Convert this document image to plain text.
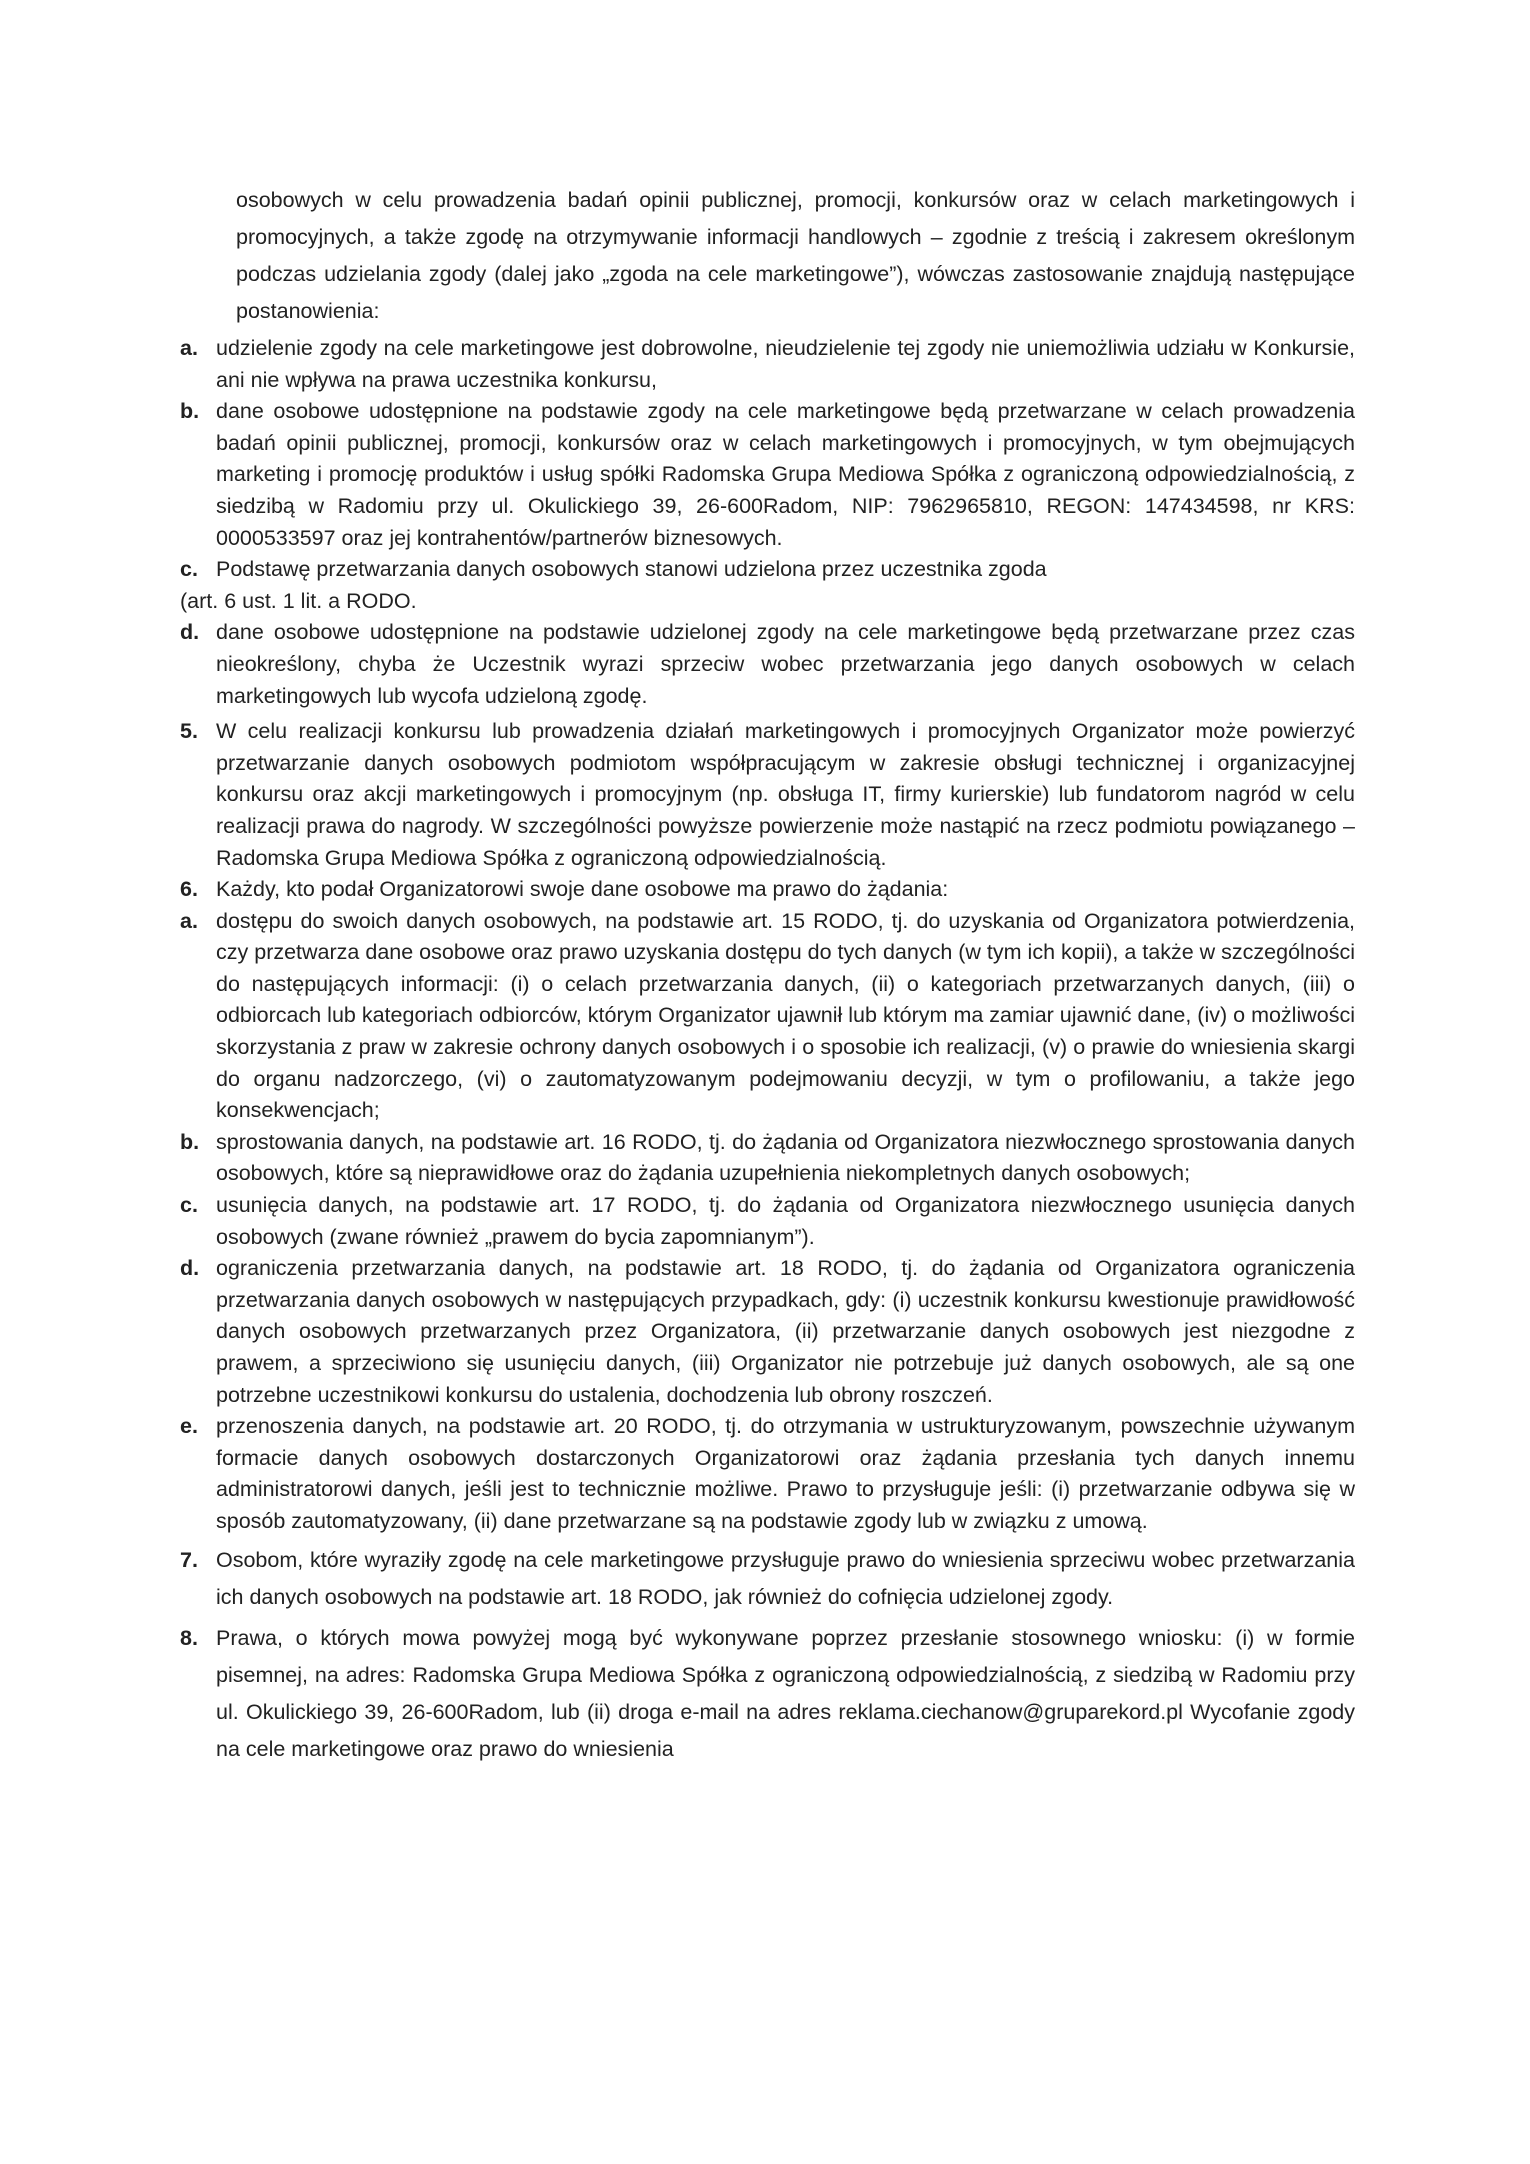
osobowych w celu prowadzenia badań opinii publicznej, promocji, konkursów oraz w celach marketingowych i promocyjnych, a także zgodę na otrzymywanie informacji handlowych – zgodnie z treścią i zakresem określonym podczas udzielania zgody (dalej jako „zgoda na cele marketingowe”), wówczas zastosowanie znajdują następujące postanowienia:

a. udzielenie zgody na cele marketingowe jest dobrowolne, nieudzielenie tej zgody nie uniemożliwia udziału w Konkursie, ani nie wpływa na prawa uczestnika konkursu,
b. dane osobowe udostępnione na podstawie zgody na cele marketingowe będą przetwarzane w celach prowadzenia badań opinii publicznej, promocji, konkursów oraz w celach marketingowych i promocyjnych, w tym obejmujących marketing i promocję produktów i usług spółki Radomska Grupa Mediowa Spółka z ograniczoną odpowiedzialnością, z siedzibą w Radomiu przy ul. Okulickiego 39, 26-600Radom, NIP: 7962965810, REGON: 147434598, nr KRS: 0000533597 oraz jej kontrahentów/partnerów biznesowych.
c. Podstawę przetwarzania danych osobowych stanowi udzielona przez uczestnika zgoda

(art. 6 ust. 1 lit. a RODO.

d. dane osobowe udostępnione na podstawie udzielonej zgody na cele marketingowe będą przetwarzane przez czas nieokreślony, chyba że Uczestnik wyrazi sprzeciw wobec przetwarzania jego danych osobowych w celach marketingowych lub wycofa udzieloną zgodę.
5. W celu realizacji konkursu lub prowadzenia działań marketingowych i promocyjnych Organizator może powierzyć przetwarzanie danych osobowych podmiotom współpracującym w zakresie obsługi technicznej i organizacyjnej konkursu oraz akcji marketingowych i promocyjnym (np. obsługa IT, firmy kurierskie) lub fundatorom nagród w celu realizacji prawa do nagrody. W szczególności powyższe powierzenie może nastąpić na rzecz podmiotu powiązanego – Radomska Grupa Mediowa Spółka z ograniczoną odpowiedzialnością.
6. Każdy, kto podał Organizatorowi swoje dane osobowe ma prawo do żądania:
a. dostępu do swoich danych osobowych, na podstawie art. 15 RODO, tj. do uzyskania od Organizatora potwierdzenia, czy przetwarza dane osobowe oraz prawo uzyskania dostępu do tych danych (w tym ich kopii), a także w szczególności do następujących informacji: (i) o celach przetwarzania danych, (ii) o kategoriach przetwarzanych danych, (iii) o odbiorcach lub kategoriach odbiorców, którym Organizator ujawnił lub którym ma zamiar ujawnić dane, (iv) o możliwości skorzystania z praw w zakresie ochrony danych osobowych i o sposobie ich realizacji, (v) o prawie do wniesienia skargi do organu nadzorczego, (vi) o zautomatyzowanym podejmowaniu decyzji, w tym o profilowaniu, a także jego konsekwencjach;
b. sprostowania danych, na podstawie art. 16 RODO, tj. do żądania od Organizatora niezwłocznego sprostowania danych osobowych, które są nieprawidłowe oraz do żądania uzupełnienia niekompletnych danych osobowych;
c. usunięcia danych, na podstawie art. 17 RODO, tj. do żądania od Organizatora niezwłocznego usunięcia danych osobowych (zwane również „prawem do bycia zapomnianym”).
d. ograniczenia przetwarzania danych, na podstawie art. 18 RODO, tj. do żądania od Organizatora ograniczenia przetwarzania danych osobowych w następujących przypadkach, gdy: (i) uczestnik konkursu kwestionuje prawidłowość danych osobowych przetwarzanych przez Organizatora, (ii) przetwarzanie danych osobowych jest niezgodne z prawem, a sprzeciwiono się usunięciu danych, (iii) Organizator nie potrzebuje już danych osobowych, ale są one potrzebne uczestnikowi konkursu do ustalenia, dochodzenia lub obrony roszczeń.
e. przenoszenia danych, na podstawie art. 20 RODO, tj. do otrzymania w ustrukturyzowanym, powszechnie używanym formacie danych osobowych dostarczonych Organizatorowi oraz żądania przesłania tych danych innemu administratorowi danych, jeśli jest to technicznie możliwe. Prawo to przysługuje jeśli: (i) przetwarzanie odbywa się w sposób zautomatyzowany, (ii) dane przetwarzane są na podstawie zgody lub w związku z umową.
7. Osobom, które wyraziły zgodę na cele marketingowe przysługuje prawo do wniesienia sprzeciwu wobec przetwarzania ich danych osobowych na podstawie art. 18 RODO, jak również do cofnięcia udzielonej zgody.
8. Prawa, o których mowa powyżej mogą być wykonywane poprzez przesłanie stosownego wniosku: (i) w formie pisemnej, na adres: Radomska Grupa Mediowa Spółka z ograniczoną odpowiedzialnością, z siedzibą w Radomiu przy ul. Okulickiego 39, 26-600Radom, lub (ii) droga e-mail na adres reklama.ciechanow@gruparekord.pl Wycofanie zgody na cele marketingowe oraz prawo do wniesienia
